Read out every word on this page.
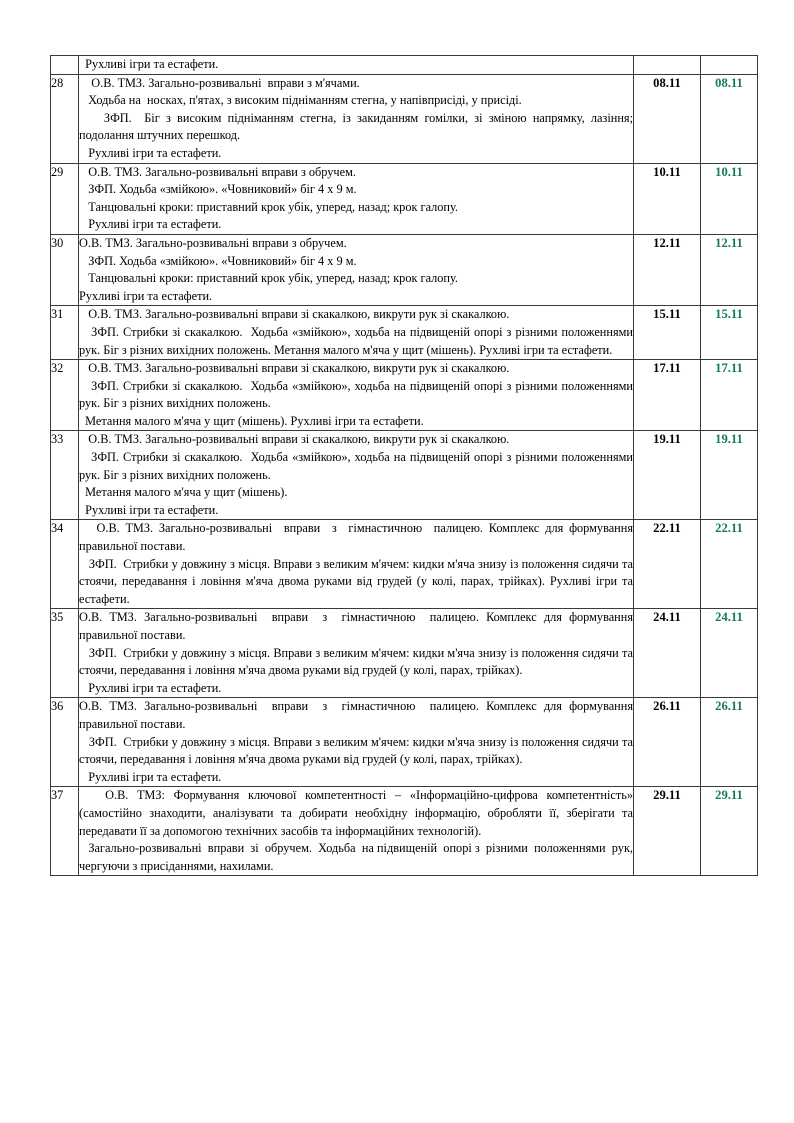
	Рухливі ігри та естафети.		

28	О.В. ТМЗ. Загально-розвивальні  вправи з м'ячами.

Ходьба на  носках, п'ятах, з високим підніманням стегна, у напівприсіді, у присіді.

ЗФП.  Біг з високим підніманням стегна, із закиданням гомілки, зі зміною напрямку, лазіння; подолання штучних перешкод.

Рухливі ігри та естафети.	08.11	08.11
29	О.В. ТМЗ. Загально-розвивальні вправи з обручем.

ЗФП. Ходьба «змійкою». «Човниковий» біг 4 х 9 м.

Танцювальні кроки: приставний крок убік, уперед, назад; крок галопу.

Рухливі ігри та естафети.	10.11	10.11
30	О.В. ТМЗ. Загально-розвивальні вправи з обручем.

ЗФП. Ходьба «змійкою». «Човниковий» біг 4 х 9 м.

Танцювальні кроки: приставний крок убік, уперед, назад; крок галопу.

Рухливі ігри та естафети.	12.11	12.11
31	О.В. ТМЗ. Загально-розвивальні вправи зі скакалкою, викрути рук зі скакалкою.

ЗФП. Стрибки зі скакалкою.  Ходьба «змійкою», ходьба на підвищеній опорі з різними положеннями рук. Біг з різних вихідних положень. Метання малого м'яча у щит (мішень). Рухливі ігри та естафети.	15.11	15.11
32	О.В. ТМЗ. Загально-розвивальні вправи зі скакалкою, викрути рук зі скакалкою.

ЗФП. Стрибки зі скакалкою.  Ходьба «змійкою», ходьба на підвищеній опорі з різними положеннями рук. Біг з різних вихідних положень.

Метання малого м'яча у щит (мішень). Рухливі ігри та естафети.	17.11	17.11
33	О.В. ТМЗ. Загально-розвивальні вправи зі скакалкою, викрути рук зі скакалкою.

ЗФП. Стрибки зі скакалкою.  Ходьба «змійкою», ходьба на підвищеній опорі з різними положеннями рук. Біг з різних вихідних положень.

Метання малого м'яча у щит (мішень).

Рухливі ігри та естафети.	19.11	19.11
34	О.В. ТМЗ. Загально-розвивальні  вправи  з  гімнастичною  палицею. Комплекс для формування правильної постави.

ЗФП.  Стрибки у довжину з місця. Вправи з великим м'ячем: кидки м'яча знизу із положення сидячи та стоячи, передавання і ловіння м'яча двома руками від грудей (у колі, парах, трійках). Рухливі ігри та естафети.	22.11	22.11
35	О.В. ТМЗ. Загально-розвивальні  вправи  з  гімнастичною  палицею. Комплекс для формування правильної постави.

ЗФП.  Стрибки у довжину з місця. Вправи з великим м'ячем: кидки м'яча знизу із положення сидячи та стоячи, передавання і ловіння м'яча двома руками від грудей (у колі, парах, трійках).

Рухливі ігри та естафети.	24.11	24.11
36	О.В. ТМЗ. Загально-розвивальні  вправи  з  гімнастичною  палицею. Комплекс для формування правильної постави.

ЗФП.  Стрибки у довжину з місця. Вправи з великим м'ячем: кидки м'яча знизу із положення сидячи та стоячи, передавання і ловіння м'яча двома руками від грудей (у колі, парах, трійках).

Рухливі ігри та естафети.	26.11	26.11
37	О.В. ТМЗ: Формування ключової компетентності – «Інформаційно-цифрова компетентність» (самостійно знаходити, аналізувати та добирати необхідну інформацію, обробляти її, зберігати та передавати її за допомогою технічних засобів та інформаційних технологій).

Загально-розвивальні  вправи  зі  обручем.  Ходьба  на підвищеній  опорі з  різними  положеннями  рук, чергуючи з присіданнями, нахилами.	29.11	29.11
